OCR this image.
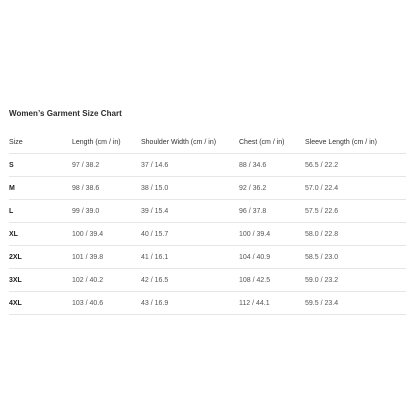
Women’s Garment Size Chart
Size	Length (cm / in)	Shoulder Width (cm / in)	Chest (cm / in)	Sleeve Length (cm / in)
S	97 / 38.2	37 / 14.6	88 / 34.6	56.5 / 22.2
M	98 / 38.6	38 / 15.0	92 / 36.2	57.0 / 22.4
L	99 / 39.0	39 / 15.4	96 / 37.8	57.5 / 22.6
XL	100 / 39.4	40 / 15.7	100 / 39.4	58.0 / 22.8
2XL	101 / 39.8	41 / 16.1	104 / 40.9	58.5 / 23.0
3XL	102 / 40.2	42 / 16.5	108 / 42.5	59.0 / 23.2
4XL	103 / 40.6	43 / 16.9	112 / 44.1	59.5 / 23.4
